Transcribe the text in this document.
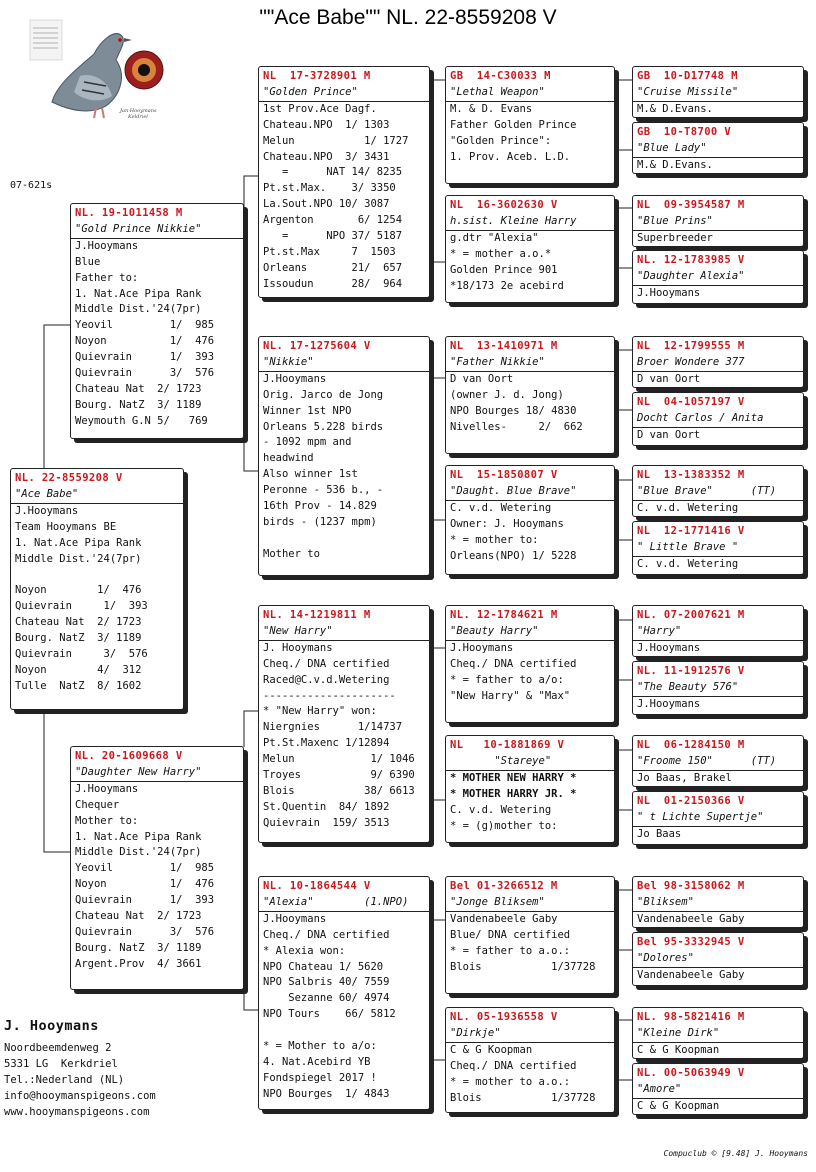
""Ace Babe"" NL. 22-8559208 V
Jan Hooymans
Keldriel
07-621s
NL. 22-8559208 V
"Ace Babe"
J.Hooymans
Team Hooymans BE
1. Nat.Ace Pipa Rank
Middle Dist.'24(7pr)

Noyon        1/  476
Quievrain     1/  393
Chateau Nat  2/ 1723
Bourg. NatZ  3/ 1189
Quievrain     3/  576
Noyon        4/  312
Tulle  NatZ  8/ 1602
NL. 19-1011458 M
"Gold Prince Nikkie"
J.Hooymans
Blue
Father to:
1. Nat.Ace Pipa Rank
Middle Dist.'24(7pr)
Yeovil         1/  985
Noyon          1/  476
Quievrain      1/  393
Quievrain      3/  576
Chateau Nat  2/ 1723
Bourg. NatZ  3/ 1189
Weymouth G.N 5/   769
NL. 20-1609668 V
"Daughter New Harry"
J.Hooymans
Chequer
Mother to:
1. Nat.Ace Pipa Rank
Middle Dist.'24(7pr)
Yeovil         1/  985
Noyon          1/  476
Quievrain      1/  393
Chateau Nat  2/ 1723
Quievrain      3/  576
Bourg. NatZ  3/ 1189
Argent.Prov  4/ 3661
NL  17-3728901 M
"Golden Prince"
1st Prov.Ace Dagf.
Chateau.NPO  1/ 1303
Melun           1/ 1727
Chateau.NPO  3/ 3431
=      NAT 14/ 8235
Pt.st.Max.    3/ 3350
La.Sout.NPO 10/ 3087
Argenton       6/ 1254
=      NPO 37/ 5187
Pt.st.Max     7  1503
Orleans       21/  657
Issoudun      28/  964
NL. 17-1275604 V
"Nikkie"
J.Hooymans
Orig. Jarco de Jong
Winner 1st NPO
Orleans 5.228 birds
- 1092 mpm and
headwind
Also winner 1st
Peronne - 536 b., -
16th Prov - 14.829
birds - (1237 mpm)

Mother to
NL. 14-1219811 M
"New Harry"
J. Hooymans
Cheq./ DNA certified
Raced@C.v.d.Wetering
---------------------
* "New Harry" won:
Niergnies      1/14737
Pt.St.Maxenc 1/12894
Melun            1/ 1046
Troyes           9/ 6390
Blois           38/ 6613
St.Quentin  84/ 1892
Quievrain  159/ 3513
NL. 10-1864544 V
"Alexia"        (1.NPO)
J.Hooymans
Cheq./ DNA certified
* Alexia won:
NPO Chateau 1/ 5620
NPO Salbris 40/ 7559
Sezanne 60/ 4974
NPO Tours    66/ 5812

* = Mother to a/o:
4. Nat.Acebird YB
Fondspiegel 2017 !
NPO Bourges  1/ 4843
GB  14-C30033 M
"Lethal Weapon"
M. & D. Evans
Father Golden Prince
"Golden Prince":
1. Prov. Aceb. L.D.
NL  16-3602630 V
h.sist. Kleine Harry
g.dtr "Alexia"
* = mother a.o.*
Golden Prince 901
*18/173 2e acebird
NL  13-1410971 M
"Father Nikkie"
D van Oort
(owner J. d. Jong)
NPO Bourges 18/ 4830
Nivelles-     2/  662
NL  15-1850807 V
"Daught. Blue Brave"
C. v.d. Wetering
Owner: J. Hooymans
* = mother to:
Orleans(NPO) 1/ 5228
NL. 12-1784621 M
"Beauty Harry"
J.Hooymans
Cheq./ DNA certified
* = father to a/o:
"New Harry" & "Max"
NL   10-1881869 V
"Stareye"
* MOTHER NEW HARRY *
* MOTHER HARRY JR. *
C. v.d. Wetering
* = (g)mother to:
Bel 01-3266512 M
"Jonge Bliksem"
Vandenabeele Gaby
Blue/ DNA certified
* = father to a.o.:
Blois           1/37728
NL. 05-1936558 V
"Dirkje"
C & G Koopman
Cheq./ DNA certified
* = mother to a.o.:
Blois           1/37728
GB  10-D17748 M
"Cruise Missile"
M.& D.Evans.
GB  10-T8700 V
"Blue Lady"
M.& D.Evans.
NL  09-3954587 M
"Blue Prins"
Superbreeder
NL. 12-1783985 V
"Daughter Alexia"
J.Hooymans
NL  12-1799555 M
Broer Wondere 377
D van Oort
NL  04-1057197 V
Docht Carlos / Anita
D van Oort
NL  13-1383352 M
"Blue Brave"      (TT)
C. v.d. Wetering
NL  12-1771416 V
" Little Brave "
C. v.d. Wetering
NL. 07-2007621 M
"Harry"
J.Hooymans
NL. 11-1912576 V
"The Beauty 576"
J.Hooymans
NL  06-1284150 M
"Froome 150"      (TT)
Jo Baas, Brakel
NL  01-2150366 V
" t Lichte Supertje"
Jo Baas
Bel 98-3158062 M
"Bliksem"
Vandenabeele Gaby
Bel 95-3332945 V
"Dolores"
Vandenabeele Gaby
NL. 98-5821416 M
"Kleine Dirk"
C & G Koopman
NL. 00-5063949 V
"Amore"
C & G Koopman
J. Hooymans
Noordbeemdenweg 2
5331 LG  Kerkdriel
Tel.:Nederland (NL)
info@hooymanspigeons.com
www.hooymanspigeons.com
Compuclub © [9.48] J. Hooymans
